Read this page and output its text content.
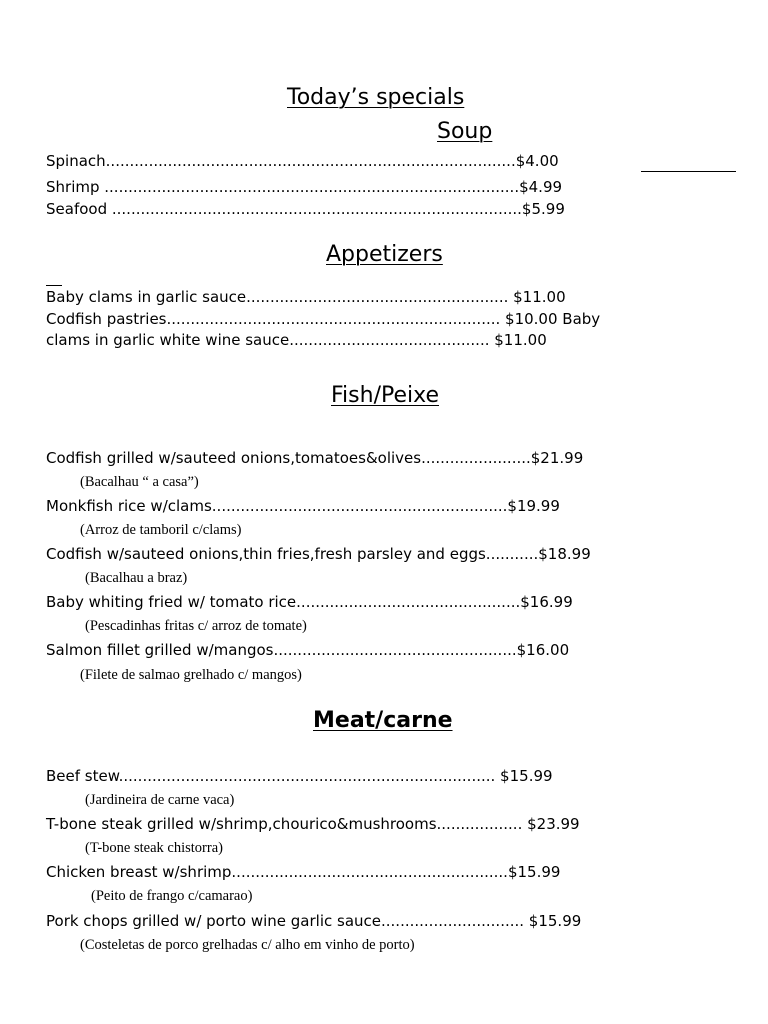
Today’s specials
Soup
Spinach......................................................................................$4.00
Shrimp .......................................................................................$4.99
Seafood ......................................................................................$5.99
Appetizers
Baby clams in garlic sauce....................................................... $11.00
Codfish pastries...................................................................... $10.00 Baby
clams in garlic white wine sauce.......................................... $11.00
Fish/Peixe
Codfish grilled w/sauteed onions,tomatoes&olives.......................$21.99
(Bacalhau “ a casa”)
Monkfish rice w/clams..............................................................$19.99
(Arroz de tamboril c/clams)
Codfish w/sauteed onions,thin fries,fresh parsley and eggs...........$18.99
(Bacalhau a braz)
Baby whiting fried w/ tomato rice...............................................$16.99
(Pescadinhas fritas c/ arroz de tomate)
Salmon fillet grilled w/mangos...................................................$16.00
(Filete de salmao grelhado c/ mangos)
Meat/carne
Beef stew............................................................................... $15.99
(Jardineira de carne vaca)
T-bone steak grilled w/shrimp,chourico&mushrooms.................. $23.99
(T-bone steak chistorra)
Chicken breast w/shrimp..........................................................$15.99
(Peito de frango c/camarao)
Pork chops grilled w/ porto wine garlic sauce.............................. $15.99
(Costeletas de porco grelhadas c/ alho em vinho de porto)
